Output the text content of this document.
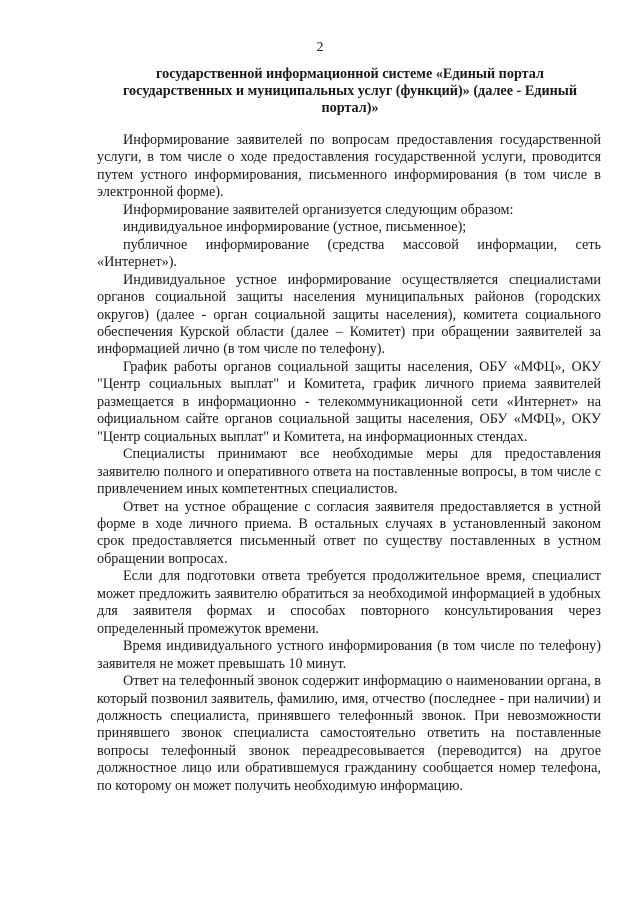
2
государственной информационной системе «Единый портал государственных и муниципальных услуг (функций)» (далее - Единый портал)»

Информирование заявителей по вопросам предоставления государственной услуги, в том числе о ходе предоставления государственной услуги, проводится путем устного информирования, письменного информирования (в том числе в электронной форме).

Информирование заявителей организуется следующим образом:

индивидуальное информирование (устное, письменное);

публичное информирование (средства массовой информации, сеть «Интернет»).

Индивидуальное устное информирование осуществляется специалистами органов социальной защиты населения муниципальных районов (городских округов) (далее - орган социальной защиты населения), комитета социального обеспечения Курской области (далее – Комитет) при обращении заявителей за информацией лично (в том числе по телефону).

График работы органов социальной защиты населения, ОБУ «МФЦ», ОКУ "Центр социальных выплат" и Комитета, график личного приема заявителей размещается в информационно - телекоммуникационной сети «Интернет» на официальном сайте органов социальной защиты населения, ОБУ «МФЦ», ОКУ "Центр социальных выплат" и Комитета, на информационных стендах.

Специалисты принимают все необходимые меры для предоставления заявителю полного и оперативного ответа на поставленные вопросы, в том числе с привлечением иных компетентных специалистов.

Ответ на устное обращение с согласия заявителя предоставляется в устной форме в ходе личного приема. В остальных случаях в установленный законом срок предоставляется письменный ответ по существу поставленных в устном обращении вопросах.

Если для подготовки ответа требуется продолжительное время, специалист может предложить заявителю обратиться за необходимой информацией в удобных для заявителя формах и способах повторного консультирования через определенный промежуток времени.

Время индивидуального устного информирования (в том числе по телефону) заявителя не может превышать 10 минут.

Ответ на телефонный звонок содержит информацию о наименовании органа, в который позвонил заявитель, фамилию, имя, отчество (последнее - при наличии) и должность специалиста, принявшего телефонный звонок. При невозможности принявшего звонок специалиста самостоятельно ответить на поставленные вопросы телефонный звонок переадресовывается (переводится) на другое должностное лицо или обратившемуся гражданину сообщается номер телефона, по которому он может получить необходимую информацию.
